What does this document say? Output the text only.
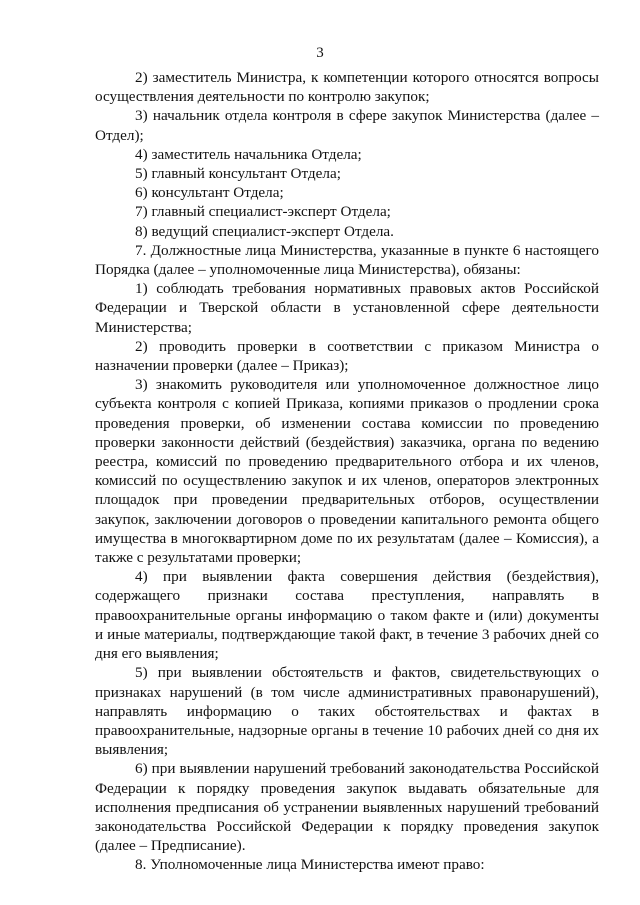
3

2) заместитель Министра, к компетенции которого относятся вопросы осуществления деятельности по контролю закупок;

3) начальник отдела контроля в сфере закупок Министерства (далее – Отдел);

4) заместитель начальника Отдела;

5) главный консультант Отдела;

6) консультант Отдела;

7) главный специалист-эксперт Отдела;

8) ведущий специалист-эксперт Отдела.

7. Должностные лица Министерства, указанные в пункте 6 настоящего Порядка (далее – уполномоченные лица Министерства), обязаны:

1) соблюдать требования нормативных правовых актов Российской Федерации и Тверской области в установленной сфере деятельности Министерства;

2) проводить проверки в соответствии с приказом Министра о назначении проверки (далее – Приказ);

3) знакомить руководителя или уполномоченное должностное лицо субъекта контроля с копией Приказа, копиями приказов о продлении срока проведения проверки, об изменении состава комиссии по проведению проверки законности действий (бездействия) заказчика, органа по ведению реестра, комиссий по проведению предварительного отбора и их членов, комиссий по осуществлению закупок и их членов, операторов электронных площадок при проведении предварительных отборов, осуществлении закупок, заключении договоров о проведении капитального ремонта общего имущества в многоквартирном доме по их результатам (далее – Комиссия), а также с результатами проверки;

4) при выявлении факта совершения действия (бездействия), содержащего признаки состава преступления, направлять в правоохранительные органы информацию о таком факте и (или) документы и иные материалы, подтверждающие такой факт, в течение 3 рабочих дней со дня его выявления;

5) при выявлении обстоятельств и фактов, свидетельствующих о признаках нарушений (в том числе административных правонарушений), направлять информацию о таких обстоятельствах и фактах в правоохранительные, надзорные органы в течение 10 рабочих дней со дня их выявления;

6) при выявлении нарушений требований законодательства Российской Федерации к порядку проведения закупок выдавать обязательные для исполнения предписания об устранении выявленных нарушений требований законодательства Российской Федерации к порядку проведения закупок (далее – Предписание).

8. Уполномоченные лица Министерства имеют право:
